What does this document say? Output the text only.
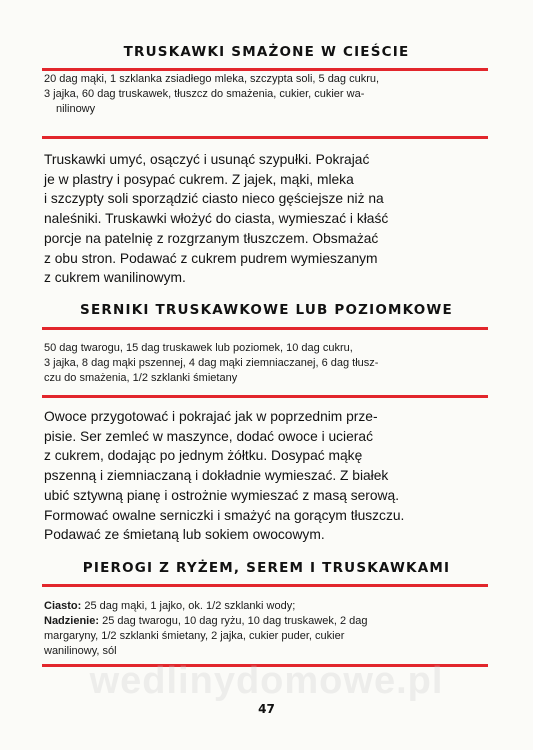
TRUSKAWKI SMAŻONE W CIEŚCIE
20 dag mąki, 1 szklanka zsiadłego mleka, szczypta soli, 5 dag cukru,
3 jajka, 60 dag truskawek, tłuszcz do smażenia, cukier, cukier wa-
nilinowy
Truskawki umyć, osączyć i usunąć szypułki. Pokrajać
je w plastry i posypać cukrem. Z jajek, mąki, mleka
i szczypty soli sporządzić ciasto nieco gęściejsze niż na
naleśniki. Truskawki włożyć do ciasta, wymieszać i kłaść
porcje na patelnię z rozgrzanym tłuszczem. Obsmażać
z obu stron. Podawać z cukrem pudrem wymieszanym
z cukrem wanilinowym.
SERNIKI TRUSKAWKOWE LUB POZIOMKOWE
50 dag twarogu, 15 dag truskawek lub poziomek, 10 dag cukru,
3 jajka, 8 dag mąki pszennej, 4 dag mąki ziemniaczanej, 6 dag tłusz-
czu do smażenia, 1/2 szklanki śmietany
Owoce przygotować i pokrajać jak w poprzednim prze-
pisie. Ser zemleć w maszynce, dodać owoce i ucierać
z cukrem, dodając po jednym żółtku. Dosypać mąkę
pszenną i ziemniaczaną i dokładnie wymieszać. Z białek
ubić sztywną pianę i ostrożnie wymieszać z masą serową.
Formować owalne serniczki i smażyć na gorącym tłuszczu.
Podawać ze śmietaną lub sokiem owocowym.
PIEROGI Z RYŻEM, SEREM I TRUSKAWKAMI
Ciasto: 25 dag mąki, 1 jajko, ok. 1/2 szklanki wody;
Nadzienie: 25 dag twarogu, 10 dag ryżu, 10 dag truskawek, 2 dag
margaryny, 1/2 szklanki śmietany, 2 jajka, cukier puder, cukier
wanilinowy, sól
wedlinydomowe.pl
47
